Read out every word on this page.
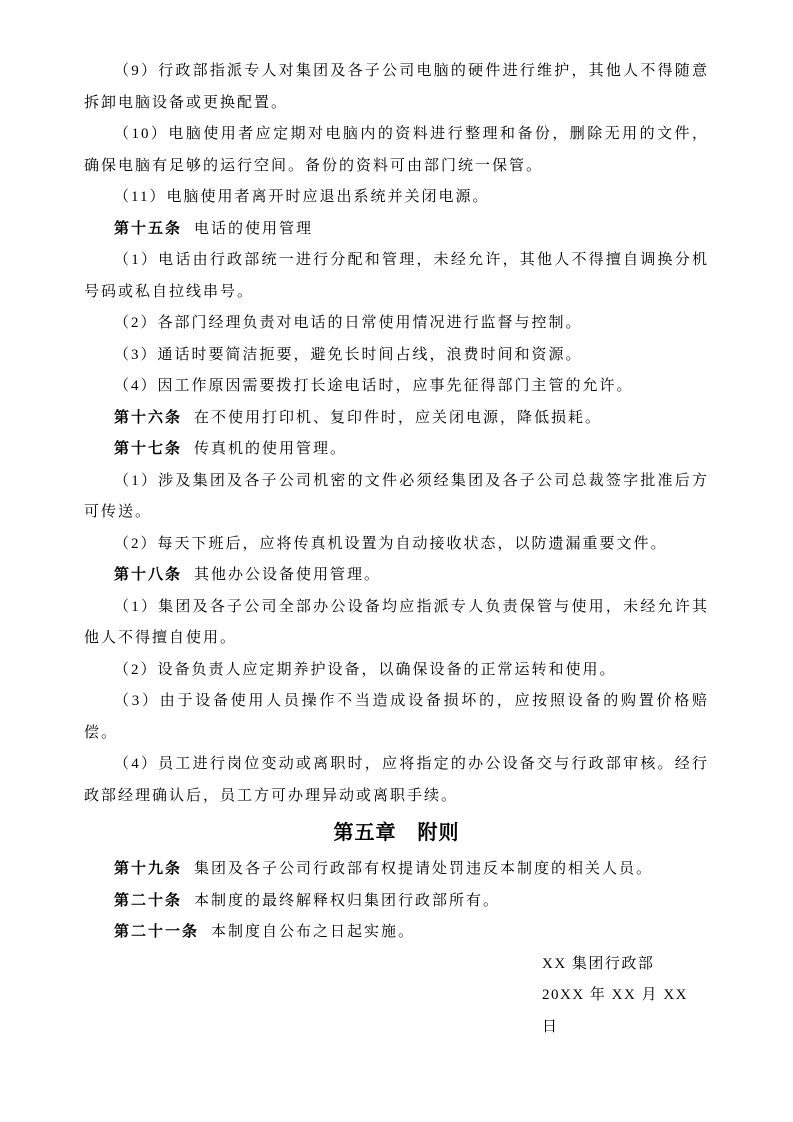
（9）行政部指派专人对集团及各子公司电脑的硬件进行维护，其他人不得随意拆卸电脑设备或更换配置。

（10）电脑使用者应定期对电脑内的资料进行整理和备份，删除无用的文件，确保电脑有足够的运行空间。备份的资料可由部门统一保管。

（11）电脑使用者离开时应退出系统并关闭电源。

第十五条 电话的使用管理

（1）电话由行政部统一进行分配和管理，未经允许，其他人不得擅自调换分机号码或私自拉线串号。

（2）各部门经理负责对电话的日常使用情况进行监督与控制。

（3）通话时要简洁扼要，避免长时间占线，浪费时间和资源。

（4）因工作原因需要拨打长途电话时，应事先征得部门主管的允许。

第十六条 在不使用打印机、复印件时，应关闭电源，降低损耗。

第十七条 传真机的使用管理。

（1）涉及集团及各子公司机密的文件必须经集团及各子公司总裁签字批准后方可传送。

（2）每天下班后，应将传真机设置为自动接收状态，以防遗漏重要文件。

第十八条 其他办公设备使用管理。

（1）集团及各子公司全部办公设备均应指派专人负责保管与使用，未经允许其他人不得擅自使用。

（2）设备负责人应定期养护设备，以确保设备的正常运转和使用。

（3）由于设备使用人员操作不当造成设备损坏的，应按照设备的购置价格赔偿。

（4）员工进行岗位变动或离职时，应将指定的办公设备交与行政部审核。经行政部经理确认后，员工方可办理异动或离职手续。

第五章　附则

第十九条 集团及各子公司行政部有权提请处罚违反本制度的相关人员。

第二十条 本制度的最终解释权归集团行政部所有。

第二十一条 本制度自公布之日起实施。

XX 集团行政部

20XX 年 XX 月 XX 日
